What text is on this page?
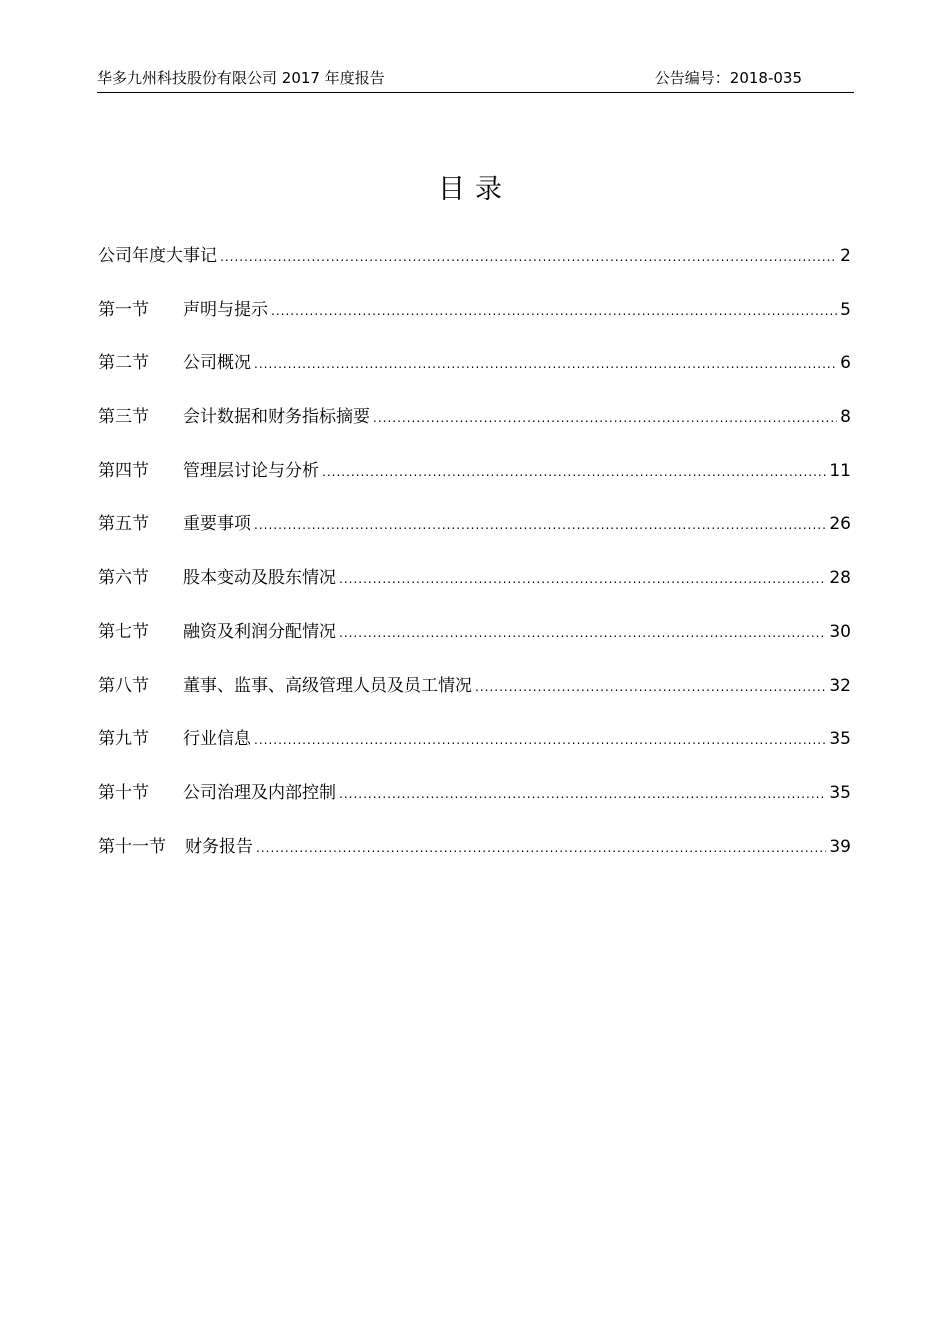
华多九州科技股份有限公司 2017 年度报告	公告编号：2018-035
目录
公司年度大事记 .....	2
第一节	声明与提示 .....	5
第二节	公司概况 .....	6
第三节	会计数据和财务指标摘要 .....	8
第四节	管理层讨论与分析 .....	11
第五节	重要事项 .....	26
第六节	股本变动及股东情况 .....	28
第七节	融资及利润分配情况 .....	30
第八节	董事、监事、高级管理人员及员工情况 .....	32
第九节	行业信息 .....	35
第十节	公司治理及内部控制 .....	35
第十一节	财务报告 .....	39
